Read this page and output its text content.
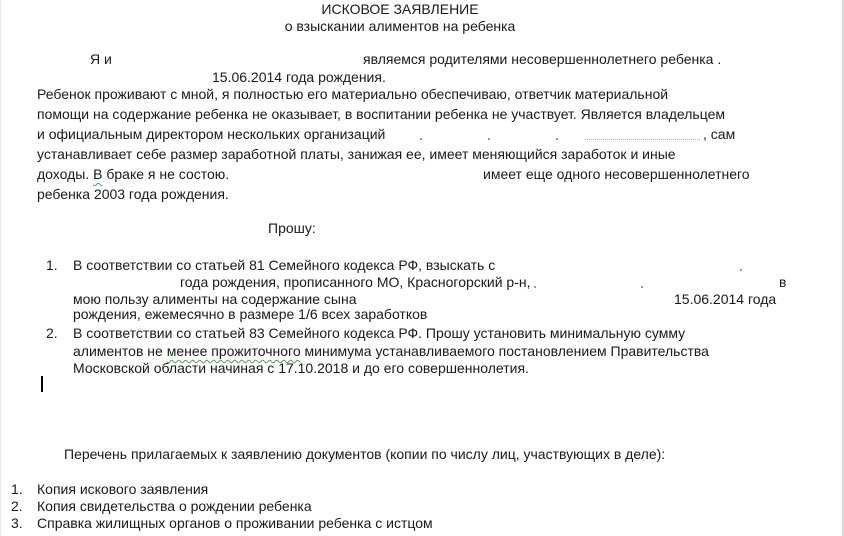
ИСКОВОЕ ЗАЯВЛЕНИЕ
о взыскании алиментов на ребенка
Я и	являемся родителями несовершеннолетнего ребенка .
15.06.2014 года рождения.
Ребенок проживают с мной, я полностью его материально обеспечиваю, ответчик материальной
помощи на содержание ребенка не оказывает, в воспитании ребенка не участвует. Является владельцем
и официальным директором нескольких организаций	, сам
устанавливает себе размер заработной платы, занижая ее, имеет меняющийся заработок и иные
доходы. В браке я не состою.	имеет еще одного несовершеннолетнего
ребенка 2003 года рождения.
Прошу:
1. В соответствии со статьей 81 Семейного кодекса РФ, взыскать с
года рождения, прописанного МО, Красногорский р-н,	в
мою пользу алименты на содержание сына	15.06.2014 года
рождения, ежемесячно в размере 1/6 всех заработков
2. В соответствии со статьей 83 Семейного кодекса РФ. Прошу установить минимальную сумму
алиментов не менее прожиточного минимума устанавливаемого постановлением Правительства
Московской области начиная с 17.10.2018 и до его совершеннолетия.
Перечень прилагаемых к заявлению документов (копии по числу лиц, участвующих в деле):
1. Копия искового заявления
2. Копия свидетельства о рождении ребенка
3. Справка жилищных органов о проживании ребенка с истцом
